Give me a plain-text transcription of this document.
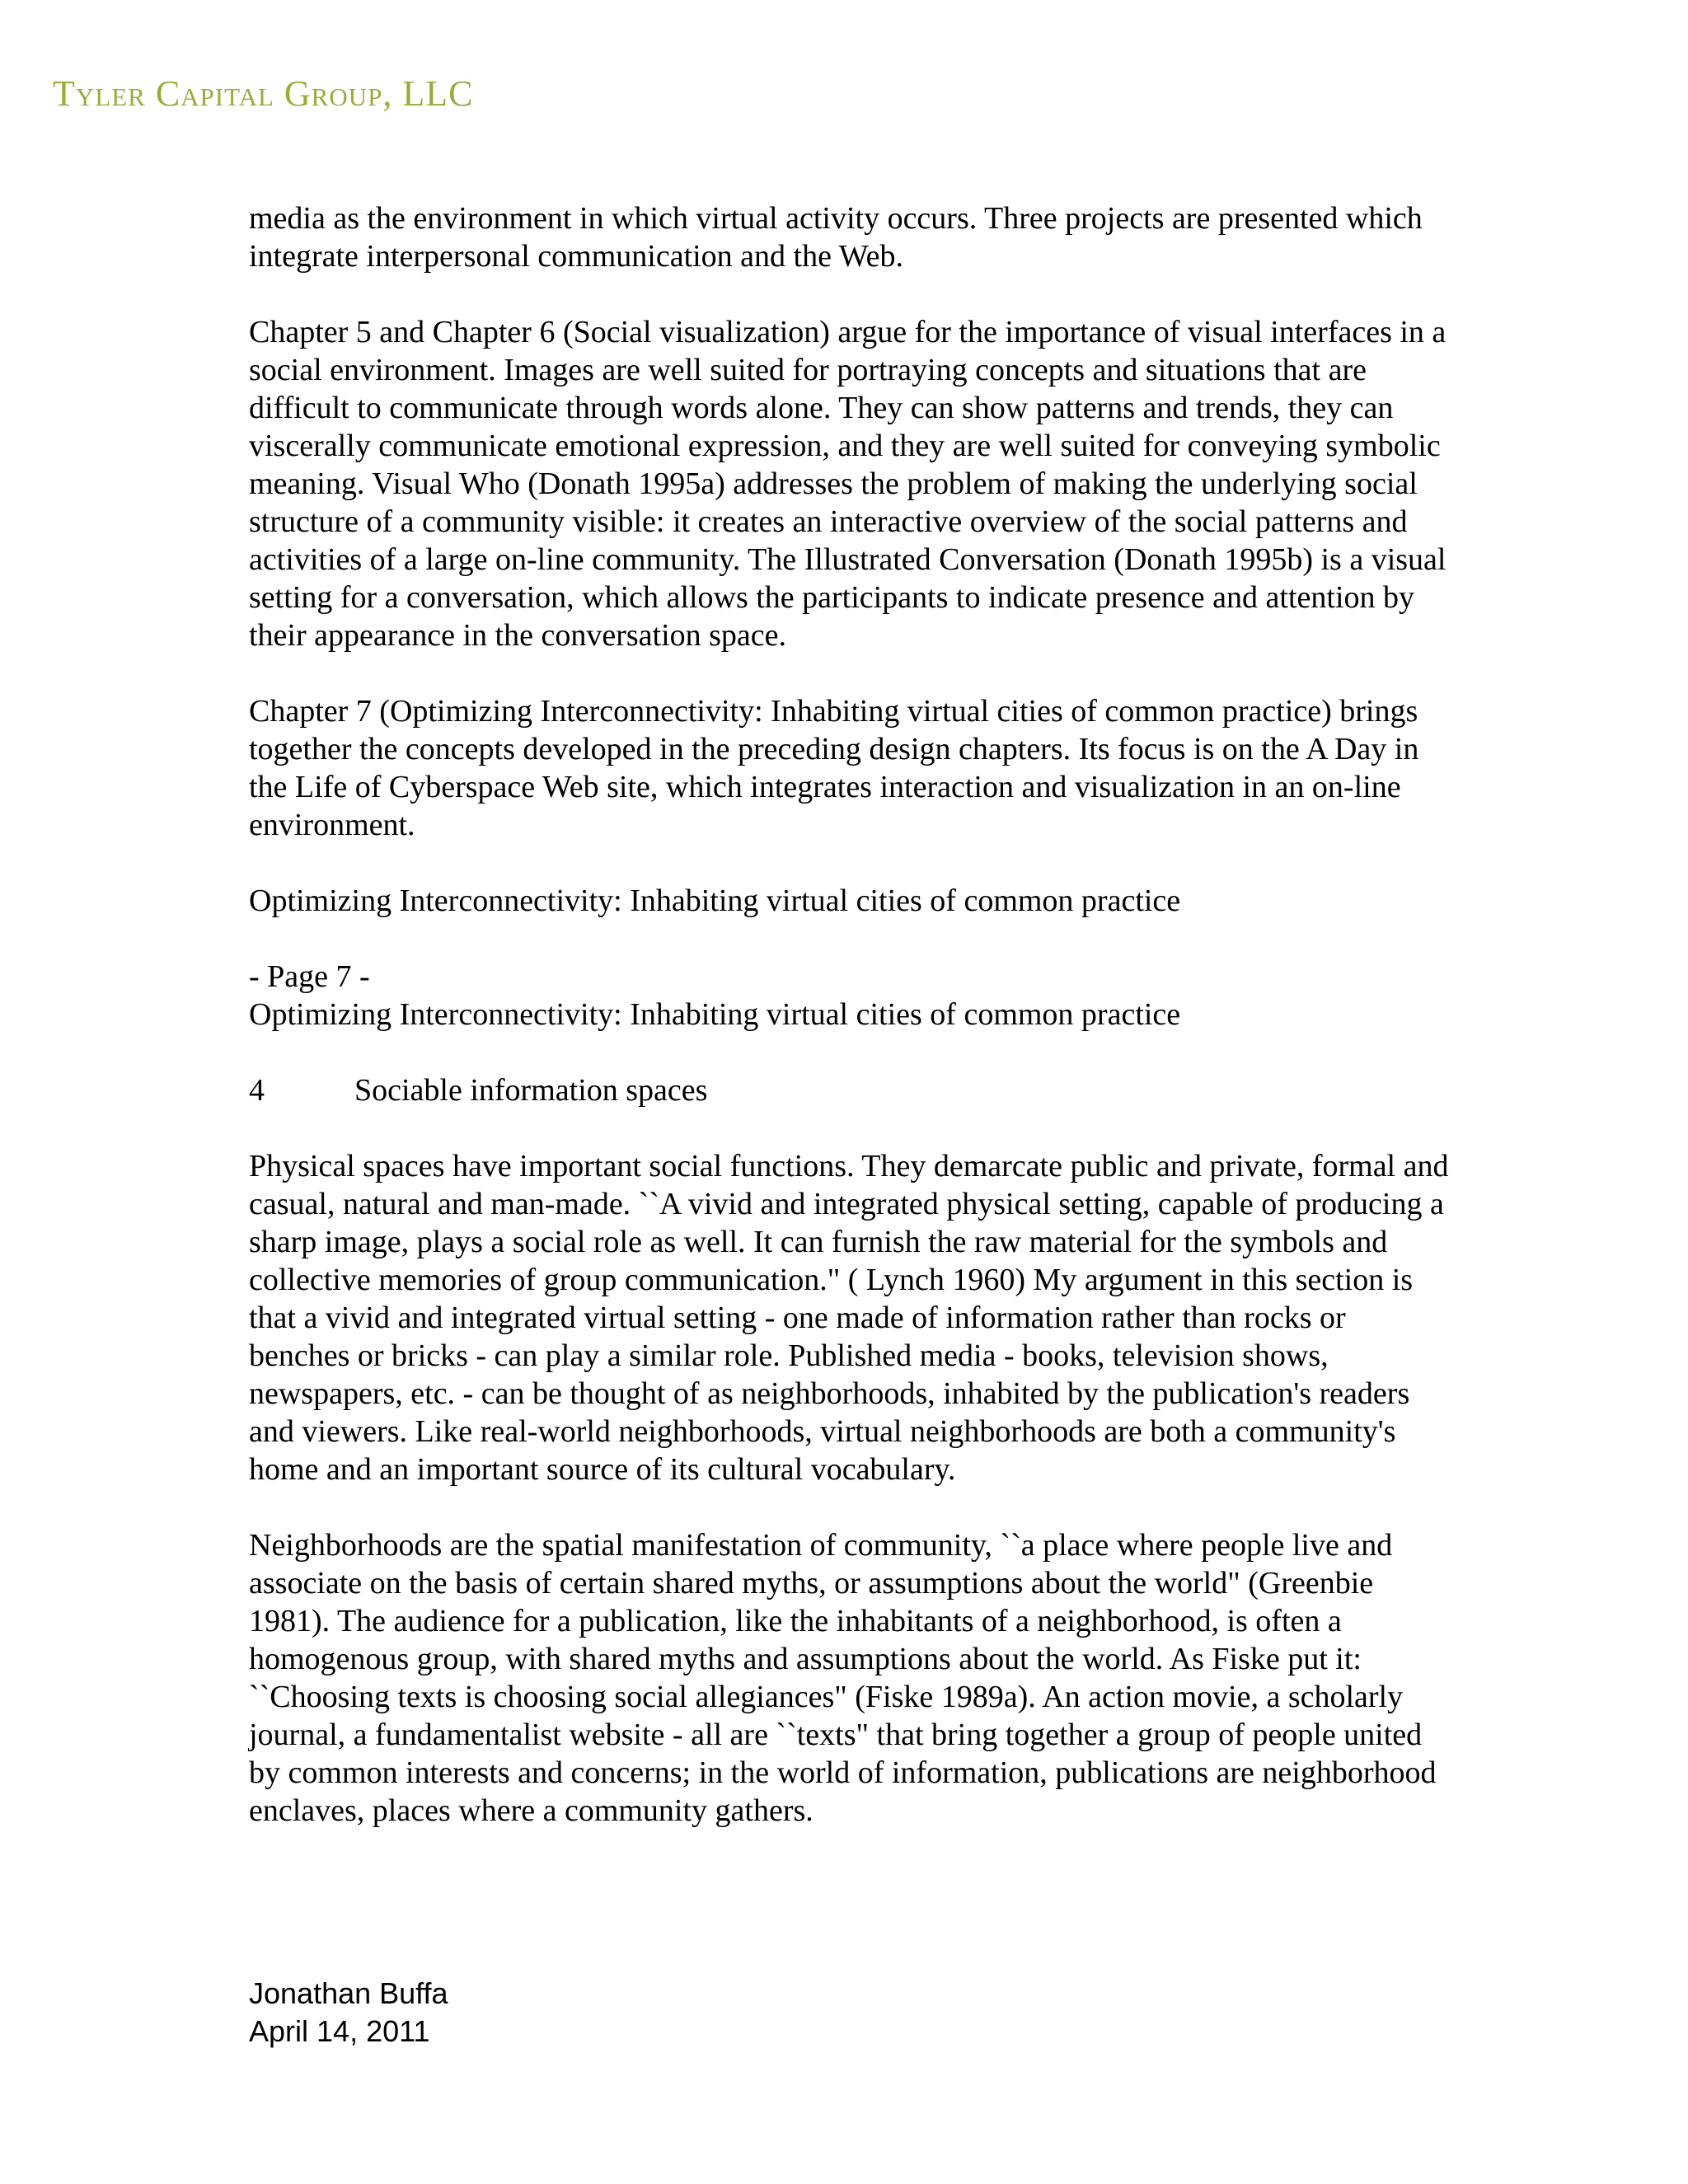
Tyler Capital Group, LLC

media as the environment in which virtual activity occurs. Three projects are presented which integrate interpersonal communication and the Web.

Chapter 5 and Chapter 6 (Social visualization) argue for the importance of visual interfaces in a social environment. Images are well suited for portraying concepts and situations that are difficult to communicate through words alone. They can show patterns and trends, they can viscerally communicate emotional expression, and they are well suited for conveying symbolic meaning. Visual Who (Donath 1995a) addresses the problem of making the underlying social structure of a community visible: it creates an interactive overview of the social patterns and activities of a large on-line community. The Illustrated Conversation (Donath 1995b) is a visual setting for a conversation, which allows the participants to indicate presence and attention by their appearance in the conversation space.

Chapter 7 (Optimizing Interconnectivity: Inhabiting virtual cities of common practice) brings together the concepts developed in the preceding design chapters. Its focus is on the A Day in the Life of Cyberspace Web site, which integrates interaction and visualization in an on-line environment.

Optimizing Interconnectivity: Inhabiting virtual cities of common practice

- Page 7 -

Optimizing Interconnectivity: Inhabiting virtual cities of common practice

4	Sociable information spaces

Physical spaces have important social functions. They demarcate public and private, formal and casual, natural and man-made. ``A vivid and integrated physical setting, capable of producing a sharp image, plays a social role as well. It can furnish the raw material for the symbols and collective memories of group communication." ( Lynch 1960) My argument in this section is that a vivid and integrated virtual setting - one made of information rather than rocks or benches or bricks - can play a similar role. Published media - books, television shows, newspapers, etc. - can be thought of as neighborhoods, inhabited by the publication's readers and viewers. Like real-world neighborhoods, virtual neighborhoods are both a community's home and an important source of its cultural vocabulary.

Neighborhoods are the spatial manifestation of community, ``a place where people live and associate on the basis of certain shared myths, or assumptions about the world" (Greenbie 1981). The audience for a publication, like the inhabitants of a neighborhood, is often a homogenous group, with shared myths and assumptions about the world. As Fiske put it: ``Choosing texts is choosing social allegiances" (Fiske 1989a). An action movie, a scholarly journal, a fundamentalist website - all are ``texts" that bring together a group of people united by common interests and concerns; in the world of information, publications are neighborhood enclaves, places where a community gathers.

Jonathan Buffa
April 14, 2011
